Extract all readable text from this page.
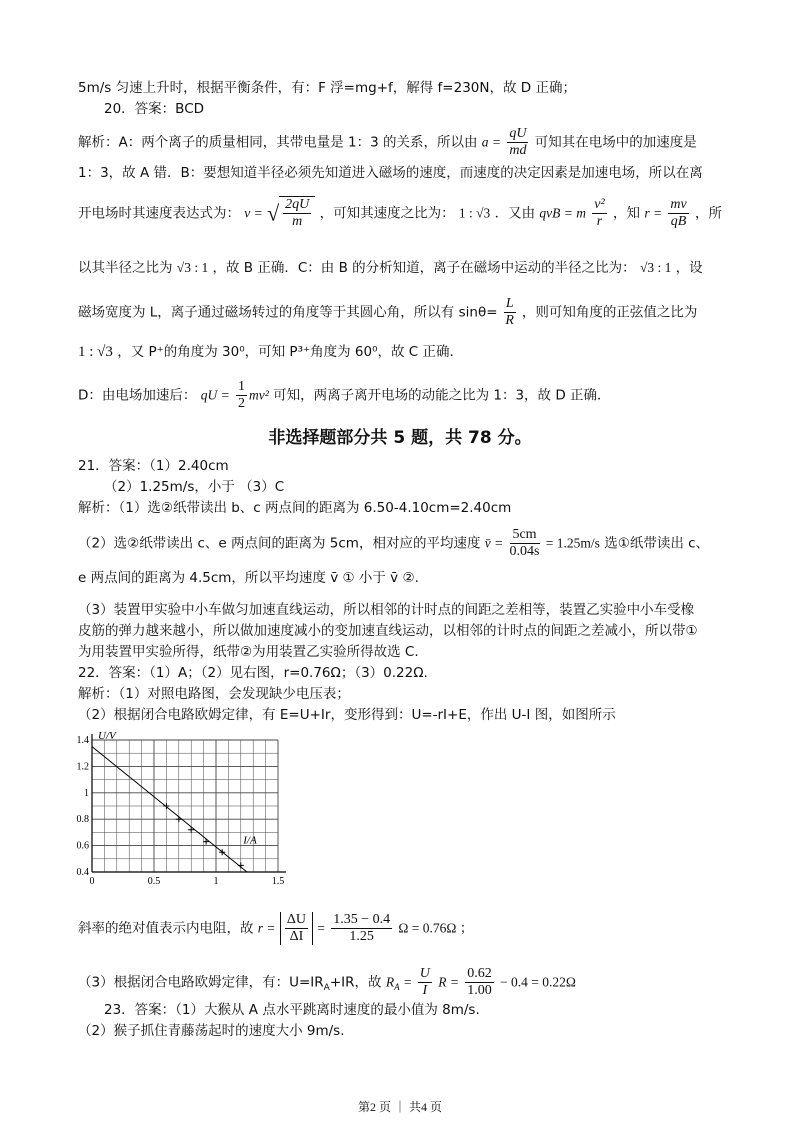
5m/s 匀速上升时，根据平衡条件，有：F 浮=mg+f，解得 f=230N，故 D 正确；
20．答案：BCD
解析：A：两个离子的质量相同，其带电量是 1：3 的关系，所以由 $a = \frac{qU}{md}$ 可知其在电场中的加速度是
1：3，故 A 错．B：要想知道半径必须先知道进入磁场的速度，而速度的决定因素是加速电场，所以在离
开电场时其速度表达式为： v = √ $\frac{2qU}{m}$ ，可知其速度之比为： 1 : √3 ．又由 qvB = m $\frac{\text{v²}}{r}$ ，知 $r = \frac{mv}{qB}$ ，所
以其半径之比为 √3 : 1 ，故 B 正确．C：由 B 的分析知道，离子在磁场中运动的半径之比为： √3 : 1 ，设
磁场宽度为 L，离子通过磁场转过的角度等于其圆心角，所以有 $\sin\theta= \frac{L}{R}$ ，则可知角度的正弦值之比为
1 : √3 ，又 P⁺的角度为 30⁰，可知 P³⁺角度为 60⁰，故 C 正确．
D：由电场加速后： qU = $\frac{1}{2} mv^2$ 可知，两离子离开电场的动能之比为 1：3，故 D 正确．
非选择题部分共 5 题，共 78 分。
21．答案：（1）2.40cm
（2）1.25m/s，小于 （3）C
解析：（1）选②纸带读出 b、c 两点间的距离为 6.50-4.10cm=2.40cm
（2）选②纸带读出 c、e 两点间的距离为 5cm，相对应的平均速度 v̄ = $\frac{5cm}{0.04s} = 1.25m/s$ 选①纸带读出 c、
e 两点间的距离为 4.5cm，所以平均速度 v̄ ① 小于 v̄ ②.
（3）装置甲实验中小车做匀加速直线运动，所以相邻的计时点的间距之差相等，装置乙实验中小车受橡
皮筋的弹力越来越小，所以做加速度减小的变加速直线运动，以相邻的计时点的间距之差减小，所以带①
为用装置甲实验所得，纸带②为用装置乙实验所得故选 C.
22．答案：（1）A；（2）见右图，r=0.76Ω；（3）0.22Ω.
解析：（1）对照电路图，会发现缺少电压表；
（2）根据闭合电路欧姆定律，有 E=U+Ir，变形得到：U=-rI+E，作出 U-I 图，如图所示
0	0.5	1	1.5
1.4
1.2
1
0.8
0.6
0.4
U/V
I/A
斜率的绝对值表示内电阻，故 $r = \frac{\Delta U}{\Delta I} = \frac{1.35 - 0.4}{1.25}$ Ω = 0.76Ω ；
（3）根据闭合电路欧姆定律，有：$U=IR_A+IR$，故 $R_A = \frac{U}{I}$ $R = \frac{0.62}{1.00} - 0.4 = 0.22\Omega$
23．答案：（1）大猴从 A 点水平跳离时速度的最小值为 8m/s.
（2）猴子抓住青藤荡起时的速度大小 9m/s.
第2 页 ｜ 共4 页
